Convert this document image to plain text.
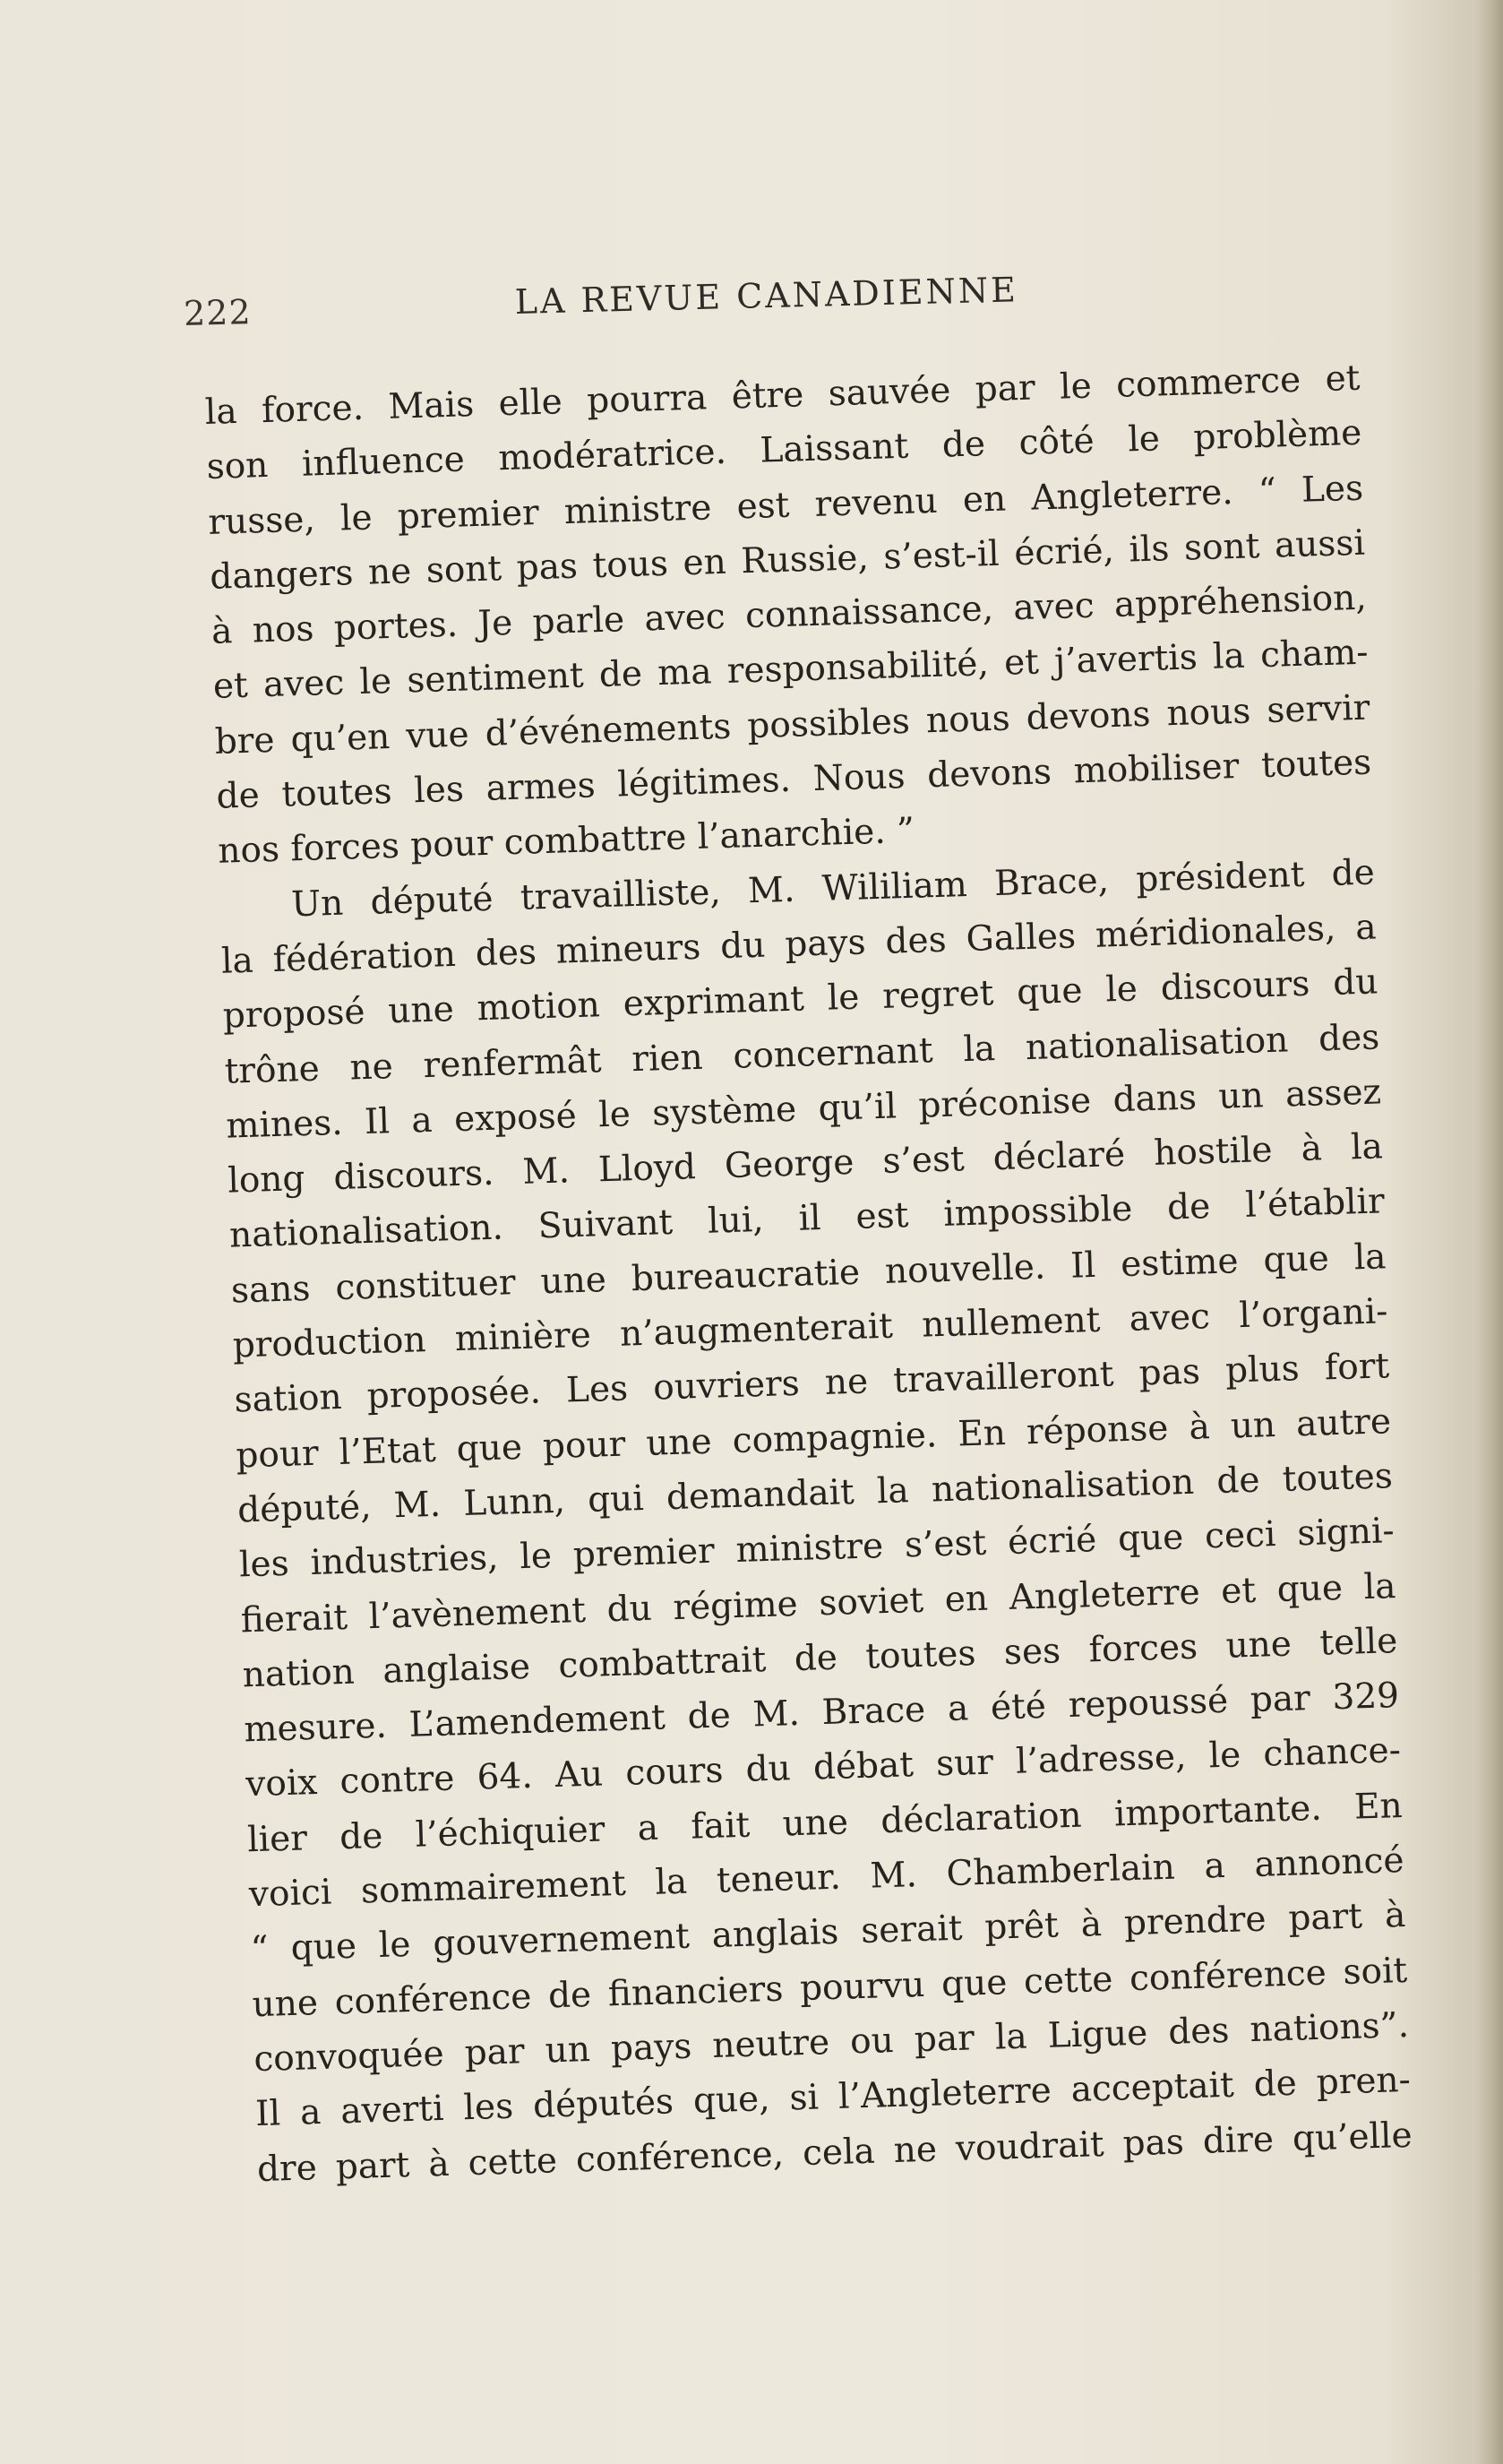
222	LA REVUE CANADIENNE
la force. Mais elle pourra être sauvée par le commerce et
son influence modératrice. Laissant de côté le problème
russe, le premier ministre est revenu en Angleterre. “ Les
dangers ne sont pas tous en Russie, s’est-il écrié, ils sont aussi
à nos portes. Je parle avec connaissance, avec appréhension,
et avec le sentiment de ma responsabilité, et j’avertis la cham-
bre qu’en vue d’événements possibles nous devons nous servir
de toutes les armes légitimes. Nous devons mobiliser toutes
nos forces pour combattre l’anarchie. ”
Un député travailliste, M. Wililiam Brace, président de
la fédération des mineurs du pays des Galles méridionales, a
proposé une motion exprimant le regret que le discours du
trône ne renfermât rien concernant la nationalisation des
mines. Il a exposé le système qu’il préconise dans un assez
long discours. M. Lloyd George s’est déclaré hostile à la
nationalisation. Suivant lui, il est impossible de l’établir
sans constituer une bureaucratie nouvelle. Il estime que la
production minière n’augmenterait nullement avec l’organi-
sation proposée. Les ouvriers ne travailleront pas plus fort
pour l’Etat que pour une compagnie. En réponse à un autre
député, M. Lunn, qui demandait la nationalisation de toutes
les industries, le premier ministre s’est écrié que ceci signi-
fierait l’avènement du régime soviet en Angleterre et que la
nation anglaise combattrait de toutes ses forces une telle
mesure. L’amendement de M. Brace a été repoussé par 329
voix contre 64. Au cours du débat sur l’adresse, le chance-
lier de l’échiquier a fait une déclaration importante. En
voici sommairement la teneur. M. Chamberlain a annoncé
“ que le gouvernement anglais serait prêt à prendre part à
une conférence de financiers pourvu que cette conférence soit
convoquée par un pays neutre ou par la Ligue des nations”.
Il a averti les députés que, si l’Angleterre acceptait de pren-
dre part à cette conférence, cela ne voudrait pas dire qu’elle
